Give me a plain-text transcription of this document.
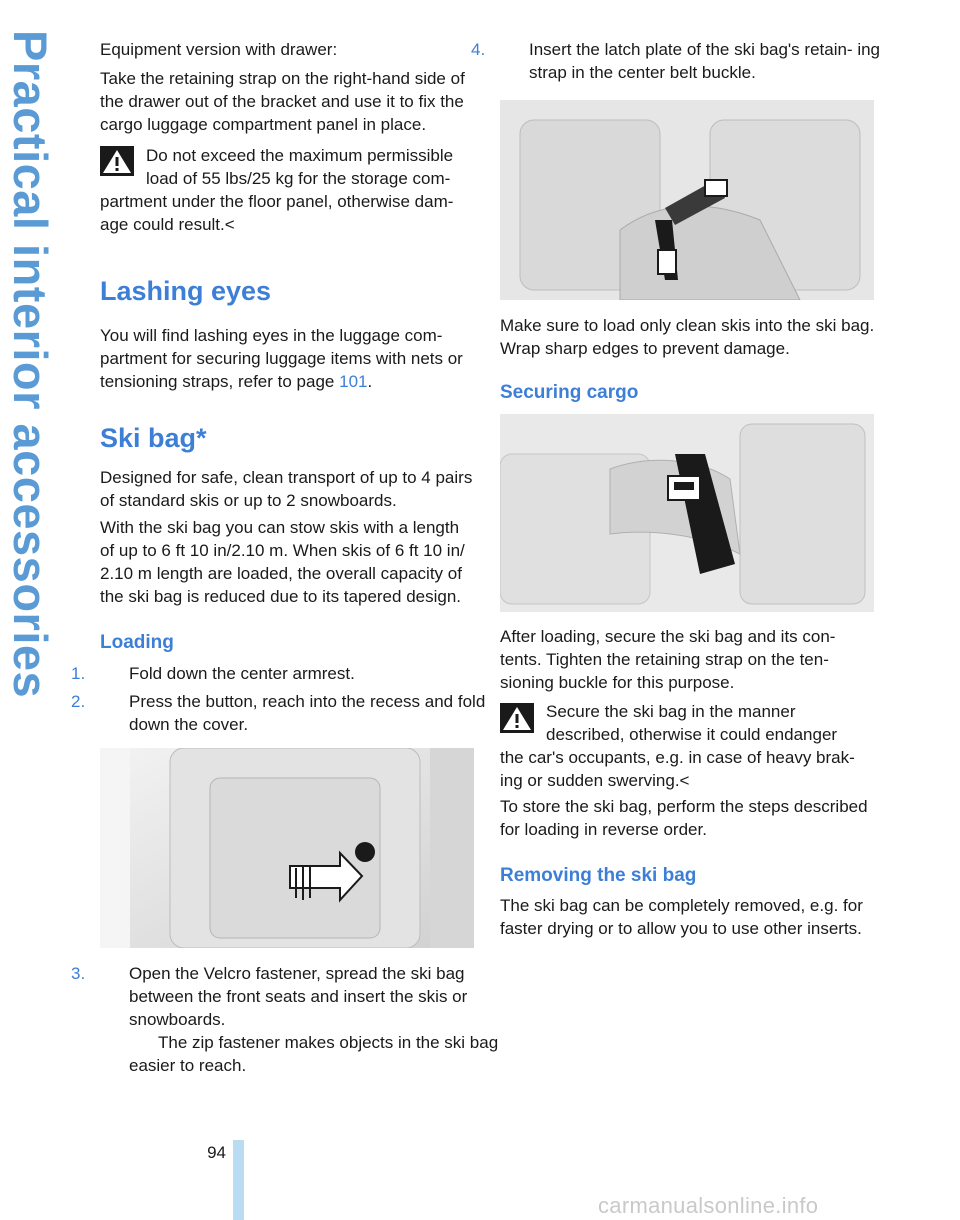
Practical interior accessories	Equipment version with drawer:

Take the retaining strap on the right-hand side of the drawer out of the bracket and use it to fix the cargo luggage compartment panel in place.

Do not exceed the maximum permissible
load of 55 lbs/25 kg for the storage com-
partment under the floor panel, otherwise dam- age could result.<
Lashing eyes

You will find lashing eyes in the luggage com- partment for securing luggage items with nets or tensioning straps, refer to page 101.

Ski bag*

Designed for safe, clean transport of up to 4 pairs of standard skis or up to 2 snowboards.

With the ski bag you can stow skis with a length of up to 6 ft 10 in/2.10 m. When skis of 6 ft 10 in/ 2.10 m length are loaded, the overall capacity of the ski bag is reduced due to its tapered design.

Loading
1.	Fold down the center armrest.
2.	Press the button, reach into the recess and fold down the cover.
3.	Open the Velcro fastener, spread the ski bag between the front seats and insert the skis or snowboards.
The zip fastener makes objects in the ski bag easier to reach.
4.	Insert the latch plate of the ski bag's retain- ing strap in the center belt buckle.

Make sure to load only clean skis into the ski bag. Wrap sharp edges to prevent damage.

Securing cargo

After loading, secure the ski bag and its con- tents. Tighten the retaining strap on the ten- sioning buckle for this purpose.

Secure the ski bag in the manner
described, otherwise it could endanger
the car's occupants, e.g. in case of heavy brak- ing or sudden swerving.<

To store the ski bag, perform the steps described for loading in reverse order.

Removing the ski bag

The ski bag can be completely removed, e.g. for faster drying or to allow you to use other inserts.

94
carmanualsonline.info
